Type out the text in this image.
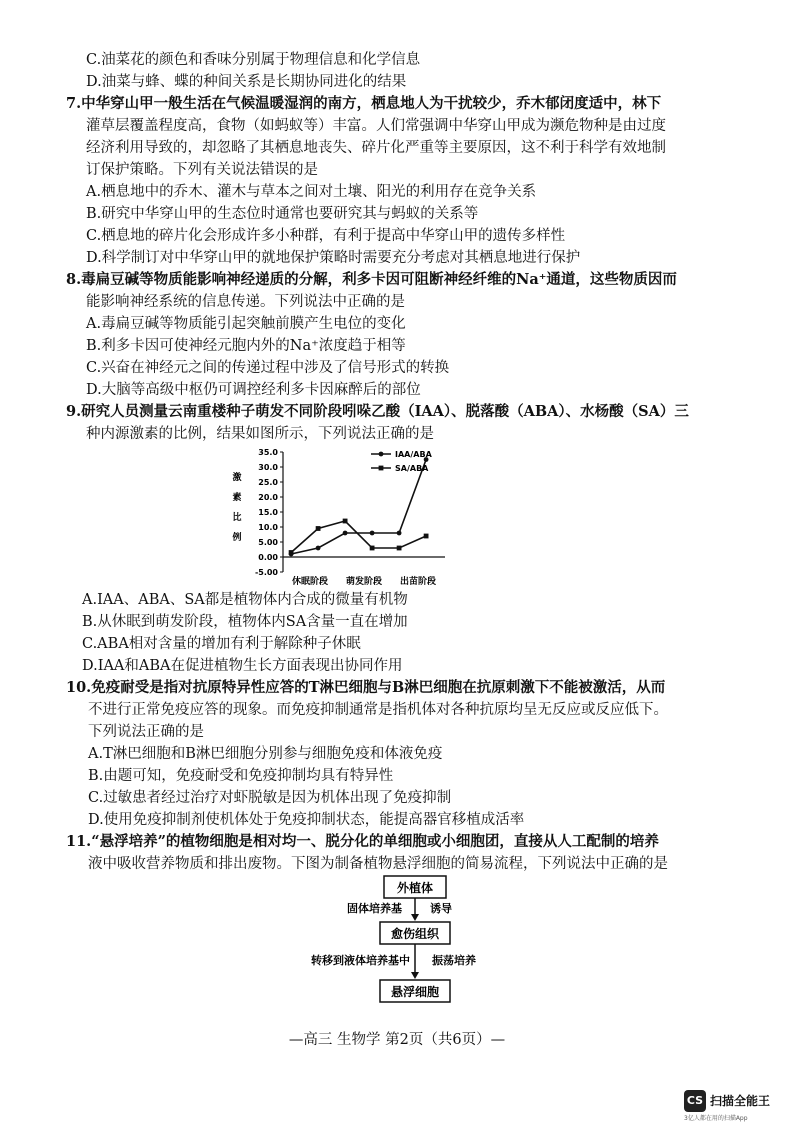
C.油菜花的颜色和香味分别属于物理信息和化学信息
D.油菜与蜂、蝶的种间关系是长期协同进化的结果
7.中华穿山甲一般生活在气候温暖湿润的南方，栖息地人为干扰较少，乔木郁闭度适中，林下
灌草层覆盖程度高，食物（如蚂蚁等）丰富。人们常强调中华穿山甲成为濒危物种是由过度
经济利用导致的，却忽略了其栖息地丧失、碎片化严重等主要原因，这不利于科学有效地制
订保护策略。下列有关说法错误的是
A.栖息地中的乔木、灌木与草本之间对土壤、阳光的利用存在竞争关系
B.研究中华穿山甲的生态位时通常也要研究其与蚂蚁的关系等
C.栖息地的碎片化会形成许多小种群，有利于提高中华穿山甲的遗传多样性
D.科学制订对中华穿山甲的就地保护策略时需要充分考虑对其栖息地进行保护
8.毒扁豆碱等物质能影响神经递质的分解，利多卡因可阻断神经纤维的Na⁺通道，这些物质因而
能影响神经系统的信息传递。下列说法中正确的是
A.毒扁豆碱等物质能引起突触前膜产生电位的变化
B.利多卡因可使神经元胞内外的Na⁺浓度趋于相等
C.兴奋在神经元之间的传递过程中涉及了信号形式的转换
D.大脑等高级中枢仍可调控经利多卡因麻醉后的部位
9.研究人员测量云南重楼种子萌发不同阶段吲哚乙酸（IAA）、脱落酸（ABA）、水杨酸（SA）三
种内源激素的比例，结果如图所示，下列说法正确的是
-5.00
0.00
5.00
10.0
15.0
20.0
25.0
30.0
35.0
休眠阶段 萌发阶段 出苗阶段
激
素
比
例
IAA/ABA
SA/ABA
A.IAA、ABA、SA都是植物体内合成的微量有机物
B.从休眠到萌发阶段，植物体内SA含量一直在增加
C.ABA相对含量的增加有利于解除种子休眠
D.IAA和ABA在促进植物生长方面表现出协同作用
10.免疫耐受是指对抗原特异性应答的T淋巴细胞与B淋巴细胞在抗原刺激下不能被激活，从而
不进行正常免疫应答的现象。而免疫抑制通常是指机体对各种抗原均呈无反应或反应低下。
下列说法正确的是
A.T淋巴细胞和B淋巴细胞分别参与细胞免疫和体液免疫
B.由题可知，免疫耐受和免疫抑制均具有特异性
C.过敏患者经过治疗对虾脱敏是因为机体出现了免疫抑制
D.使用免疫抑制剂使机体处于免疫抑制状态，能提高器官移植成活率
11.“悬浮培养”的植物细胞是相对均一、脱分化的单细胞或小细胞团，直接从人工配制的培养
液中吸收营养物质和排出废物。下图为制备植物悬浮细胞的简易流程，下列说法中正确的是
外植体
固体培养基	诱导
愈伤组织
转移到液体培养基中 振荡培养
悬浮细胞
—高三 生物学 第2页（共6页）—
CS 扫描全能王
3亿人都在用的扫描App
